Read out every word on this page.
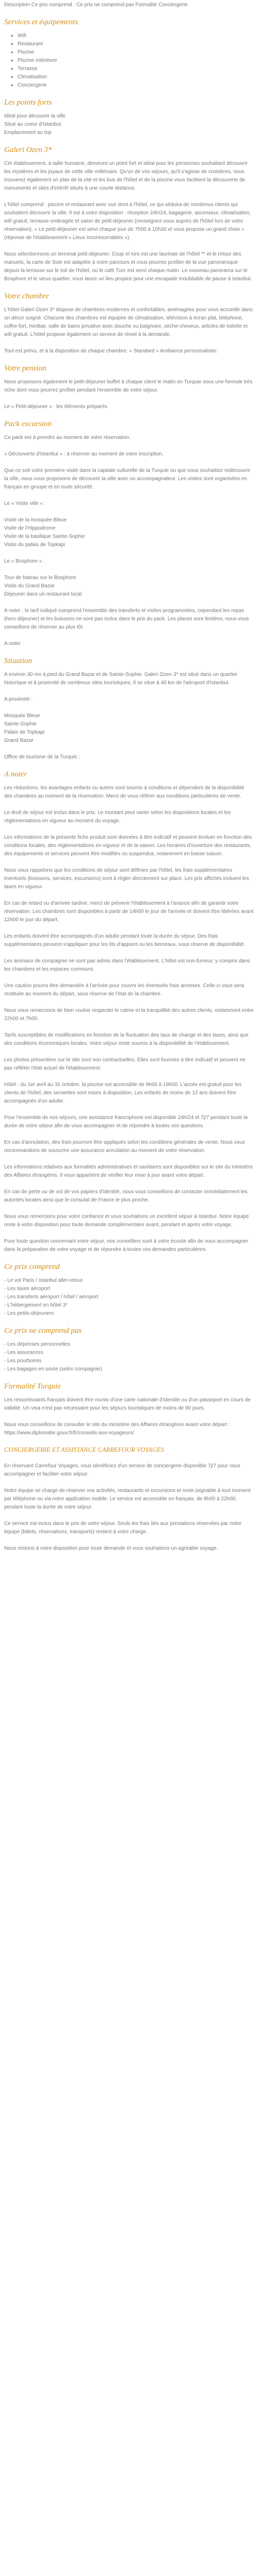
Description Ce prix comprend : Ce prix ne comprend pas Formalité Conciergerie

Services et équipements
▪ Wifi
▪ Restaurant
▪ Piscine
▪ Piscine intérieure
▪ Terrasse
▪ Climatisation
▪ Conciergerie
Les points forts

Idéal pour découvrir la ville
Situé au coeur d'Istanbul
Emplacement au top

Galeri Ozen 3*

Cet établissement, à taille humaine, demeure un point fort et idéal pour les personnes souhaitant découvrir les mystères et les joyaux de cette ville millénaire. Qu'un de vos séjours, qu'il s'agisse de croisières, vous trouverez également un plan de la cité et les bus de l'hôtel et de la piscine vous facilitent la découverte de monuments et sites d'intérêt situés à une courte distance.

L'hôtel comprend : piscine et restaurant avec vue dont à l'hôtel, ce qui séduira de nombreux clients qui souhaitent découvrir la ville. Il est à votre disposition : réception 24h/24, bagagerie, ascenseur, climatisation, wifi gratuit, terrasse ombragée et salon de petit-déjeuner (renseignez-vous auprès de l'hôtel lors de votre réservation). « Le petit-déjeuner est servi chaque jour de 7h00 à 10h30 et vous propose un grand choix » (réponse de l'établissement « Lieux incontournables »).

Nous sélectionnons un terminal petit-déjeuner. Coup et lors est une lauréate de l'hôtel ** et le retour des manuels, la carte de Soie est adaptée à votre parcours et vous pourrez profiter de la vue panoramique depuis la terrasse sur le toit de l'hôtel, où le café Turc est servi chaque matin. Le nouveau panorama sur le Bosphore et le vieux quartier, vous lance un lieu propice pour une escapade inoubliable de pause à Istanbul.

Votre chambre

L'hôtel Galeri Ozen 3* dispose de chambres modernes et confortables, aménagées pour vous accueillir dans un décor soigné. Chacune des chambres est équipée de climatisation, télévision à écran plat, téléphone, coffre-fort, minibar, salle de bains privative avec douche ou baignoire, sèche-cheveux, articles de toilette et wifi gratuit. L'hôtel propose également un service de réveil à la demande.

Tout est prévu, et à la disposition de chaque chambre: « Standard » Ambiance personnalisée.

Votre pension

Nous proposons également le petit-déjeuner buffet à chaque client le matin en Turquie sous une formule très riche dont vous pourrez profiter pendant l'ensemble de votre séjour.

Le « Petit-déjeuner » : les éléments préparés.

Pack excursion

Ce pack est à prendre au moment de votre réservation.

« Découverte d'Istanbul » : à réserver au moment de votre inscription.

Que ce soit votre première visite dans la capitale culturelle de la Turquie ou que vous souhaitiez redécouvrir la ville, nous vous proposons de découvrir la ville avec un accompagnateur. Les visites sont organisées en français en groupe et en toute sécurité.

Le « Visite ville » :

Visite de la mosquée Bleue
Visite de l'Hippodrome
Visite de la basilique Sainte-Sophie
Visite du palais de Topkapi

Le « Bosphore » :

Tour de bateau sur le Bosphore
Visite du Grand Bazar
Déjeuner dans un restaurant local

A noter : le tarif indiqué comprend l'ensemble des transferts et visites programmées, cependant les repas (hors déjeuner) et les boissons ne sont pas inclus dans le prix du pack. Les places sont limitées, nous vous conseillons de réserver au plus tôt.

A noter

Situation

A environ 30 mn à pied du Grand Bazar et de Sainte-Sophie. Galeri Ozen 3* est situé dans un quartier historique et à proximité de nombreux sites touristiques. Il se situe à 40 km de l'aéroport d'Istanbul.

A proximité :

Mosquée Bleue
Sainte-Sophie
Palais de Topkapi
Grand Bazar

Office de tourisme de la Turquie :

A noter

Les réductions, les avantages enfants ou autres sont soumis à conditions et dépendent de la disponibilité des chambres au moment de la réservation. Merci de vous référer aux conditions particulières de vente.

Le droit de séjour est inclus dans le prix. Le montant peut varier selon les dispositions locales et les réglementations en vigueur au moment du voyage.

Les informations de la présente fiche produit sont données à titre indicatif et peuvent évoluer en fonction des conditions locales, des réglementations en vigueur et de la saison. Les horaires d'ouverture des restaurants, des équipements et services peuvent être modifiés ou suspendus, notamment en basse saison.

Nous vous rappelons que les conditions de séjour sont définies par l'hôtel, les frais supplémentaires éventuels (boissons, services, excursions) sont à régler directement sur place. Les prix affichés incluent les taxes en vigueur.

En cas de retard ou d'arrivée tardive, merci de prévenir l'établissement à l'avance afin de garantir votre réservation. Les chambres sont disponibles à partir de 14h00 le jour de l'arrivée et doivent être libérées avant 12h00 le jour du départ.

Les enfants doivent être accompagnés d'un adulte pendant toute la durée du séjour. Des frais supplémentaires peuvent s'appliquer pour les lits d'appoint ou les berceaux, sous réserve de disponibilité.

Les animaux de compagnie ne sont pas admis dans l'établissement. L'hôtel est non-fumeur, y compris dans les chambres et les espaces communs.

Une caution pourra être demandée à l'arrivée pour couvrir les éventuels frais annexes. Celle-ci vous sera restituée au moment du départ, sous réserve de l'état de la chambre.

Nous vous remercions de bien vouloir respecter le calme et la tranquillité des autres clients, notamment entre 22h00 et 7h00.

Tarifs susceptibles de modifications en fonction de la fluctuation des taux de change et des taxes, ainsi que des conditions économiques locales. Votre séjour reste soumis à la disponibilité de l'établissement.

Les photos présentées sur le site sont non contractuelles. Elles sont fournies à titre indicatif et peuvent ne pas refléter l'état actuel de l'établissement.

Hôtel : du 1er avril au 31 octobre, la piscine est accessible de 9h00 à 19h00. L'accès est gratuit pour les clients de l'hôtel, des serviettes sont mises à disposition. Les enfants de moins de 12 ans doivent être accompagnés d'un adulte.

Pour l'ensemble de nos séjours, une assistance francophone est disponible 24h/24 et 7j/7 pendant toute la durée de votre séjour afin de vous accompagner et de répondre à toutes vos questions.

En cas d'annulation, des frais pourront être appliqués selon les conditions générales de vente. Nous vous recommandons de souscrire une assurance annulation au moment de votre réservation.

Les informations relatives aux formalités administratives et sanitaires sont disponibles sur le site du ministère des Affaires étrangères. Il vous appartient de vérifier leur mise à jour avant votre départ.

En cas de perte ou de vol de vos papiers d'identité, nous vous conseillons de contacter immédiatement les autorités locales ainsi que le consulat de France le plus proche.

Nous vous remercions pour votre confiance et vous souhaitons un excellent séjour à Istanbul. Notre équipe reste à votre disposition pour toute demande complémentaire avant, pendant et après votre voyage.

Pour toute question concernant votre séjour, nos conseillers sont à votre écoute afin de vous accompagner dans la préparation de votre voyage et de répondre à toutes vos demandes particulières.

Ce prix comprend
- Le vol Paris / Istanbul aller-retour
- Les taxes aéroport
- Les transferts aéroport / hôtel / aéroport
- L'hébergement en hôtel 3*
- Les petits-déjeuners
Ce prix ne comprend pas
- Les dépenses personnelles
- Les assurances
- Les pourboires
- Les bagages en soute (selon compagnie)
Formalité Turquie

Les ressortissants français doivent être munis d'une carte nationale d'identité ou d'un passeport en cours de validité. Un visa n'est pas nécessaire pour les séjours touristiques de moins de 90 jours.

Nous vous conseillons de consulter le site du ministère des Affaires étrangères avant votre départ : https://www.diplomatie.gouv.fr/fr/conseils-aux-voyageurs/

CONCIERGERIE ET ASSISTANCE CARREFOUR VOYAGES

En réservant Carrefour Voyages, vous bénéficiez d'un service de conciergerie disponible 7j/7 pour vous accompagner et faciliter votre séjour.

Notre équipe se charge de réserver vos activités, restaurants et excursions et reste joignable à tout moment par téléphone ou via notre application mobile. Le service est accessible en français, de 8h00 à 22h00, pendant toute la durée de votre séjour.

Ce service est inclus dans le prix de votre séjour. Seuls les frais liés aux prestations réservées par notre équipe (billets, réservations, transports) restent à votre charge.

Nous restons à votre disposition pour toute demande et vous souhaitons un agréable voyage.
